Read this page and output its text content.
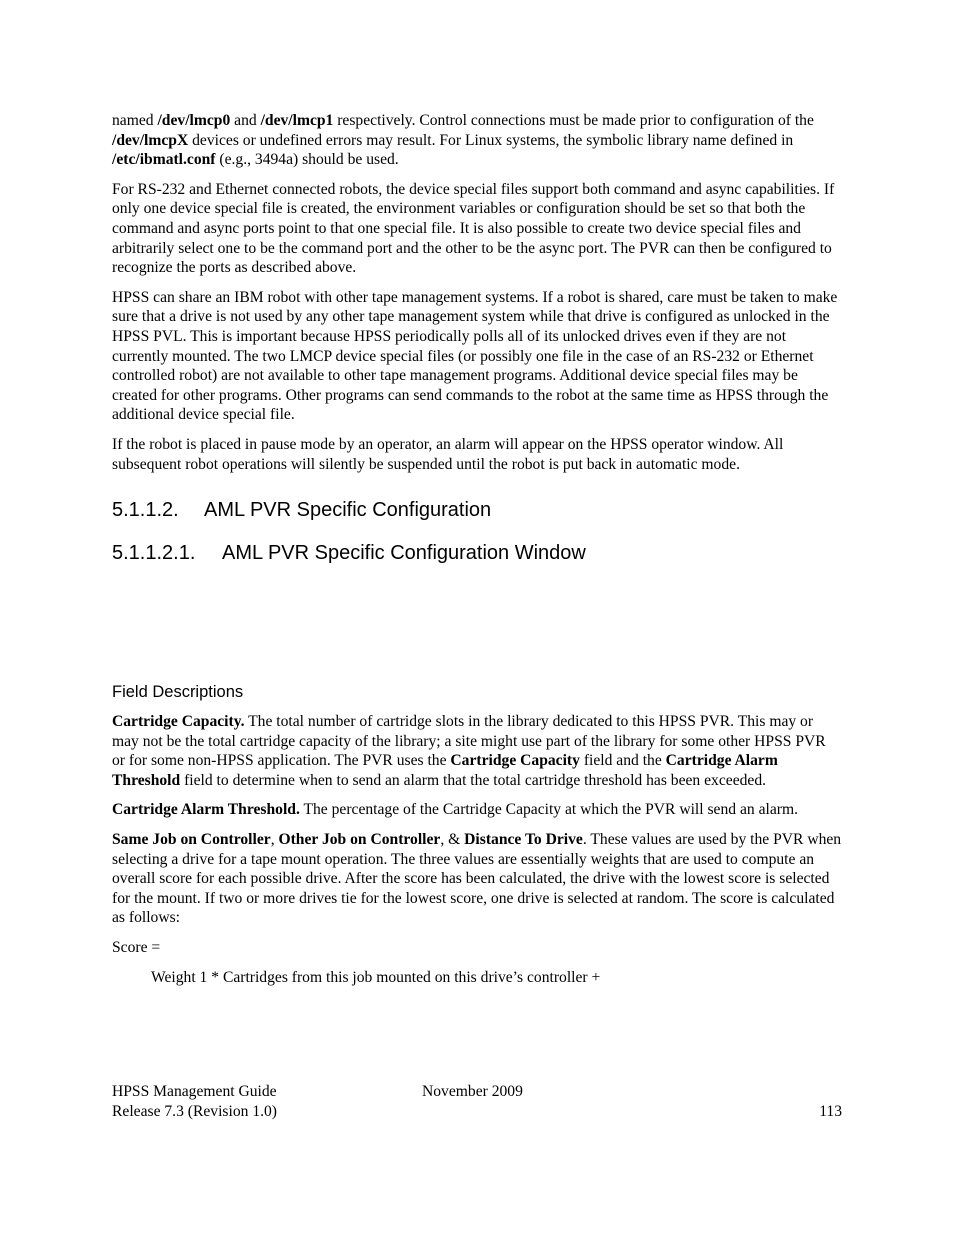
named /dev/lmcp0 and /dev/lmcp1 respectively. Control connections must be made prior to configuration of the /dev/lmcpX devices or undefined errors may result. For Linux systems, the symbolic library name defined in /etc/ibmatl.conf (e.g., 3494a) should be used.

For RS-232 and Ethernet connected robots, the device special files support both command and async capabilities. If only one device special file is created, the environment variables or configuration should be set so that both the command and async ports point to that one special file. It is also possible to create two device special files and arbitrarily select one to be the command port and the other to be the async port. The PVR can then be configured to recognize the ports as described above.

HPSS can share an IBM robot with other tape management systems. If a robot is shared, care must be taken to make sure that a drive is not used by any other tape management system while that drive is configured as unlocked in the HPSS PVL. This is important because HPSS periodically polls all of its unlocked drives even if they are not currently mounted. The two LMCP device special files (or possibly one file in the case of an RS-232 or Ethernet controlled robot) are not available to other tape management programs. Additional device special files may be created for other programs. Other programs can send commands to the robot at the same time as HPSS through the additional device special file.

If the robot is placed in pause mode by an operator, an alarm will appear on the HPSS operator window. All subsequent robot operations will silently be suspended until the robot is put back in automatic mode.

5.1.1.2. AML PVR Specific Configuration
5.1.1.2.1. AML PVR Specific Configuration Window
Field Descriptions

Cartridge Capacity. The total number of cartridge slots in the library dedicated to this HPSS PVR. This may or may not be the total cartridge capacity of the library; a site might use part of the library for some other HPSS PVR or for some non-HPSS application. The PVR uses the Cartridge Capacity field and the Cartridge Alarm Threshold field to determine when to send an alarm that the total cartridge threshold has been exceeded.

Cartridge Alarm Threshold. The percentage of the Cartridge Capacity at which the PVR will send an alarm.

Same Job on Controller, Other Job on Controller, & Distance To Drive. These values are used by the PVR when selecting a drive for a tape mount operation. The three values are essentially weights that are used to compute an overall score for each possible drive. After the score has been calculated, the drive with the lowest score is selected for the mount. If two or more drives tie for the lowest score, one drive is selected at random. The score is calculated as follows:

Score =

Weight 1 * Cartridges from this job mounted on this drive’s controller +

HPSS Management Guide
Release 7.3 (Revision 1.0)
November 2009
113
